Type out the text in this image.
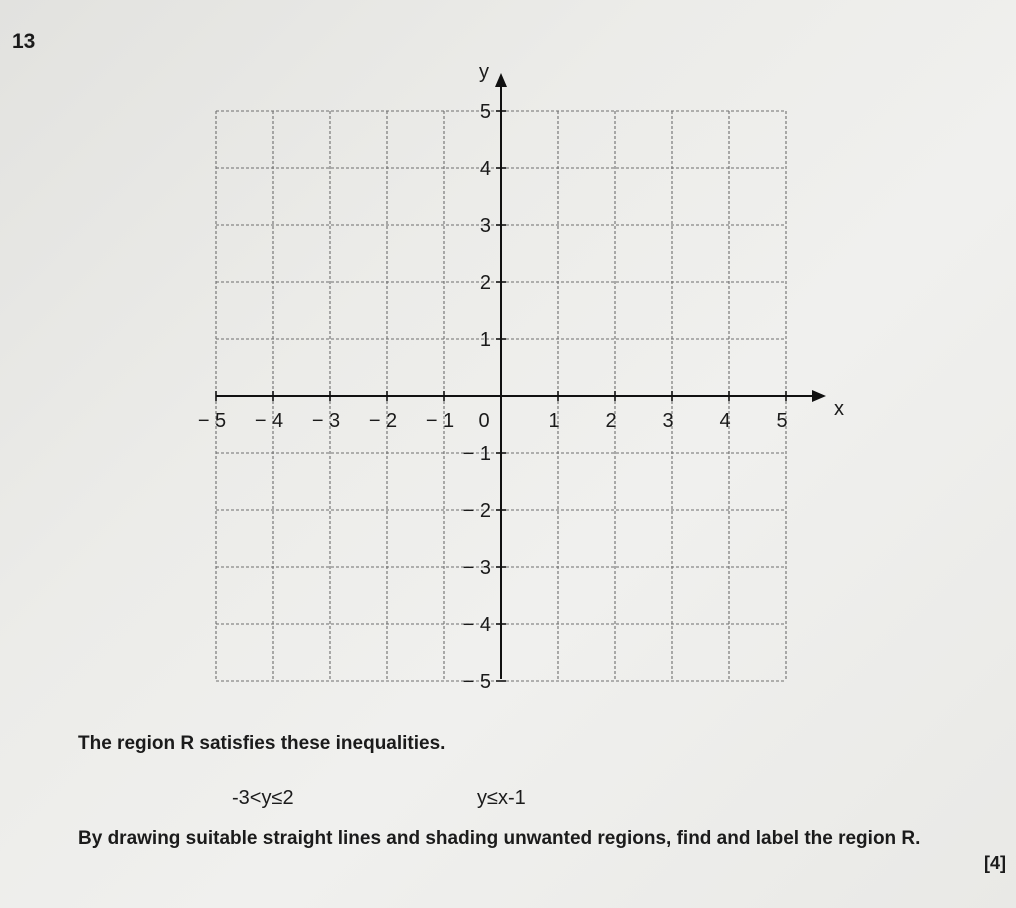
13
− 5 − 4 − 3 − 2 − 1 0	1 2 3 4 5
− 5
− 4
− 3
− 2
− 1
1
2
3
4
5
x
y
The region R satisfies these inequalities.
-3<y≤2	y≤x-1
By drawing suitable straight lines and shading unwanted regions, find and label the region R.
[4]
